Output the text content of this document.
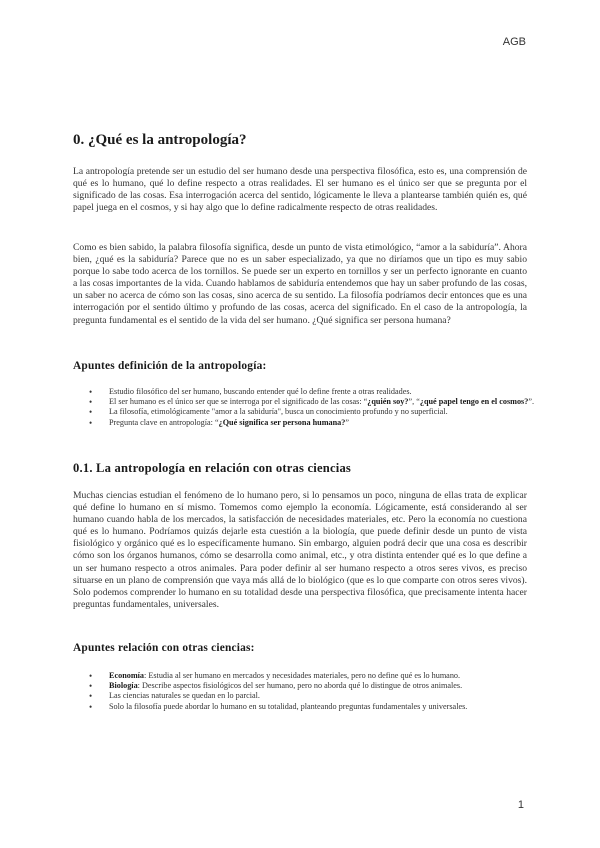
AGB
0. ¿Qué es la antropología?

La antropología pretende ser un estudio del ser humano desde una perspectiva filosófica, esto es, una comprensión de qué es lo humano, qué lo define respecto a otras realidades. El ser humano es el único ser que se pregunta por el significado de las cosas. Esa interrogación acerca del sentido, lógicamente le lleva a plantearse también quién es, qué papel juega en el cosmos, y si hay algo que lo define radicalmente respecto de otras realidades.

Como es bien sabido, la palabra filosofía significa, desde un punto de vista etimológico, “amor a la sabiduría”. Ahora bien, ¿qué es la sabiduría? Parece que no es un saber especializado, ya que no diríamos que un tipo es muy sabio porque lo sabe todo acerca de los tornillos. Se puede ser un experto en tornillos y ser un perfecto ignorante en cuanto a las cosas importantes de la vida. Cuando hablamos de sabiduría entendemos que hay un saber profundo de las cosas, un saber no acerca de cómo son las cosas, sino acerca de su sentido. La filosofía podríamos decir entonces que es una interrogación por el sentido último y profundo de las cosas, acerca del significado. En el caso de la antropología, la pregunta fundamental es el sentido de la vida del ser humano. ¿Qué significa ser persona humana?

Apuntes definición de la antropología:
• Estudio filosófico del ser humano, buscando entender qué lo define frente a otras realidades.
• El ser humano es el único ser que se interroga por el significado de las cosas: “¿quién soy?”, “¿qué papel tengo en el cosmos?”.
• La filosofía, etimológicamente "amor a la sabiduría", busca un conocimiento profundo y no superficial.
• Pregunta clave en antropología: “¿Qué significa ser persona humana?”
0.1. La antropología en relación con otras ciencias

Muchas ciencias estudian el fenómeno de lo humano pero, si lo pensamos un poco, ninguna de ellas trata de explicar qué define lo humano en sí mismo. Tomemos como ejemplo la economía. Lógicamente, está considerando al ser humano cuando habla de los mercados, la satisfacción de necesidades materiales, etc. Pero la economía no cuestiona qué es lo humano. Podríamos quizás dejarle esta cuestión a la biología, que puede definir desde un punto de vista fisiológico y orgánico qué es lo específicamente humano. Sin embargo, alguien podrá decir que una cosa es describir cómo son los órganos humanos, cómo se desarrolla como animal, etc., y otra distinta entender qué es lo que define a un ser humano respecto a otros animales. Para poder definir al ser humano respecto a otros seres vivos, es preciso situarse en un plano de comprensión que vaya más allá de lo biológico (que es lo que comparte con otros seres vivos). Solo podemos comprender lo humano en su totalidad desde una perspectiva filosófica, que precisamente intenta hacer preguntas fundamentales, universales.

Apuntes relación con otras ciencias:
• Economía: Estudia al ser humano en mercados y necesidades materiales, pero no define qué es lo humano.
• Biología: Describe aspectos fisiológicos del ser humano, pero no aborda qué lo distingue de otros animales.
• Las ciencias naturales se quedan en lo parcial.
• Solo la filosofía puede abordar lo humano en su totalidad, planteando preguntas fundamentales y universales.
1
